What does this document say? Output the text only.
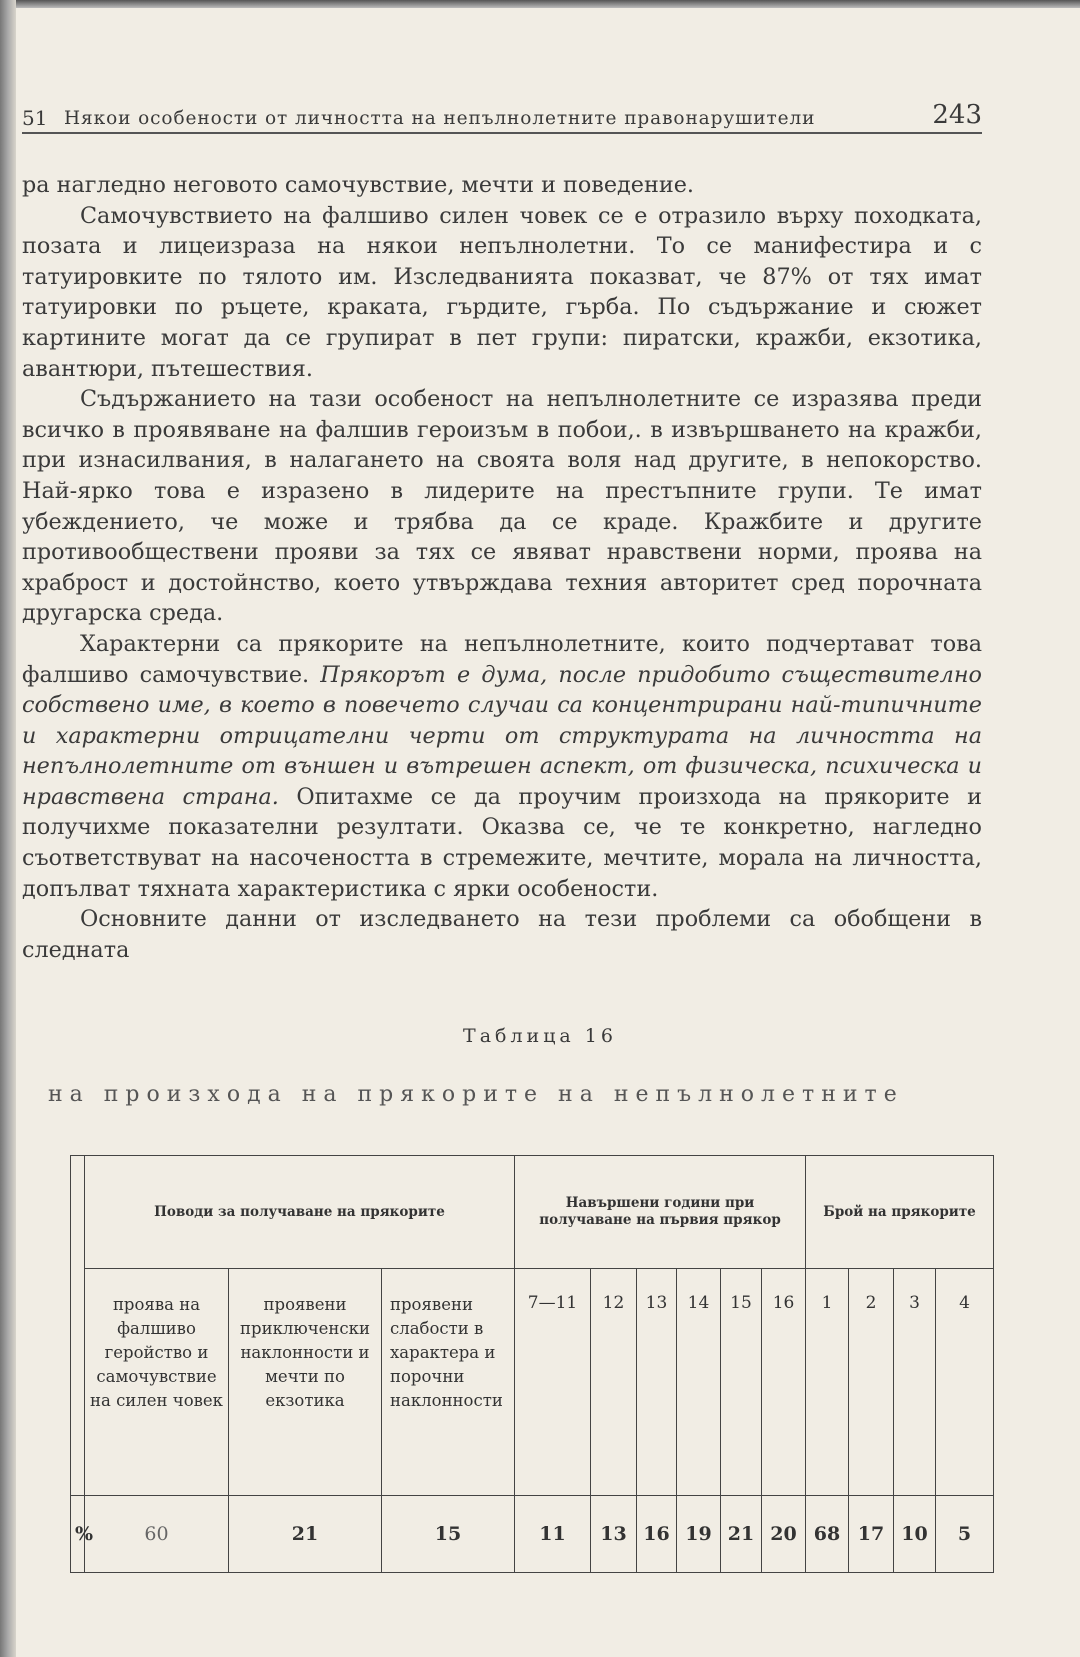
51 Някои особености от личността на непълнолетните правонарушители	243

ра нагледно неговото самочувствие, мечти и поведение.

Самочувствието на фалшиво силен човек се е отразило върху походката, позата и лицеизраза на някои непълнолетни. То се манифестира и с татуировките по тялото им. Изследванията показват, че 87% от тях имат татуировки по ръцете, краката, гърдите, гърба. По съдържание и сюжет картините могат да се групират в пет групи: пиратски, кражби, екзотика, авантюри, пътешествия.

Съдържанието на тази особеност на непълнолетните се изразява преди всичко в проявяване на фалшив героизъм в побои,. в извършването на кражби, при изнасилвания, в налагането на своята воля над другите, в непокорство. Най-ярко това е изразено в лидерите на престъпните групи. Те имат убеждението, че може и трябва да се краде. Кражбите и другите противообществени прояви за тях се явяват нравствени норми, проява на храброст и достойнство, което утвърждава техния авторитет сред порочната другарска среда.

Характерни са прякорите на непълнолетните, които подчертават това фалшиво самочувствие. Прякорът е дума, после придобито съществително собствено име, в което в повечето случаи са концентрирани най-типичните и характерни отрицателни черти от структурата на личността на непълнолетните от външен и вътрешен аспект, от физическа, психическа и нравствена страна. Опитахме се да проучим произхода на прякорите и получихме показателни резултати. Оказва се, че те конкретно, нагледно съответствуват на насочеността в стремежите, мечтите, морала на личността, допълват тяхната характеристика с ярки особености.

Основните данни от изследването на тези проблеми са обобщени в следната

Таблица 16
на произхода на прякорите на непълнолетните
	Поводи за получаване на прякорите			Навършени години при получаване на първия прякор						Брой на прякорите			
	проява на фалшиво геройство и самочувствие на силен човек	проявени приключенски наклонности и мечти по екзотика	проявени слабости в характера и порочни наклонности	7—11	12	13	14	15	16	1	2	3	4
%	60	21	15	11	13	16	19	21	20	68	17	10	5
